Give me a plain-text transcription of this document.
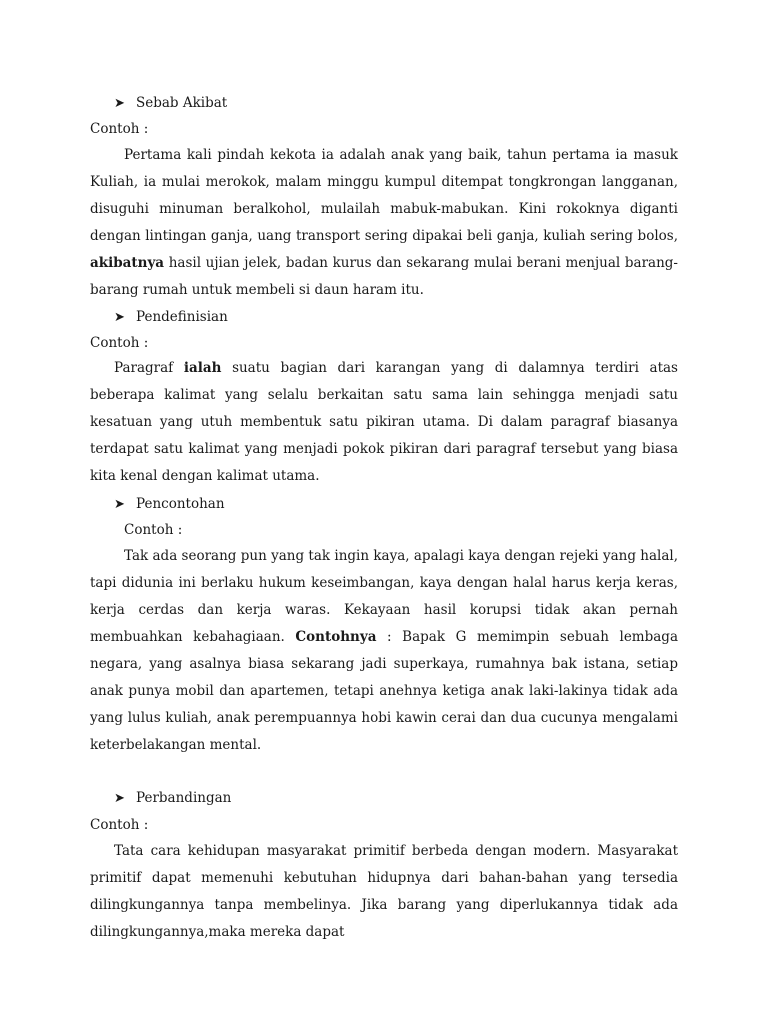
➤ Sebab Akibat
Contoh :

Pertama kali pindah kekota ia adalah anak yang baik, tahun pertama ia masuk Kuliah, ia mulai merokok, malam minggu kumpul ditempat tongkrongan langganan, disuguhi minuman beralkohol, mulailah mabuk-mabukan. Kini rokoknya diganti dengan lintingan ganja, uang transport sering dipakai beli ganja, kuliah sering bolos, akibatnya hasil ujian jelek, badan kurus dan sekarang mulai berani menjual barang-barang rumah untuk membeli si daun haram itu.

➤ Pendefinisian
Contoh :

Paragraf ialah suatu bagian dari karangan yang di dalamnya terdiri atas beberapa kalimat yang selalu berkaitan satu sama lain sehingga menjadi satu kesatuan yang utuh membentuk satu pikiran utama. Di dalam paragraf biasanya terdapat satu kalimat yang menjadi pokok pikiran dari paragraf tersebut yang biasa kita kenal dengan kalimat utama.

➤ Pencontohan
Contoh :

Tak ada seorang pun yang tak ingin kaya, apalagi kaya dengan rejeki yang halal, tapi didunia ini berlaku hukum keseimbangan, kaya dengan halal harus kerja keras, kerja cerdas dan kerja waras. Kekayaan hasil korupsi tidak akan pernah membuahkan kebahagiaan. Contohnya : Bapak G memimpin sebuah lembaga negara, yang asalnya biasa sekarang jadi superkaya, rumahnya bak istana, setiap anak punya mobil dan apartemen, tetapi anehnya ketiga anak laki-lakinya tidak ada yang lulus kuliah, anak perempuannya hobi kawin cerai dan dua cucunya mengalami keterbelakangan mental.

➤ Perbandingan
Contoh :

Tata cara kehidupan masyarakat primitif berbeda dengan modern. Masyarakat primitif dapat memenuhi kebutuhan hidupnya dari bahan-bahan yang tersedia dilingkungannya tanpa membelinya. Jika barang yang diperlukannya tidak ada dilingkungannya,maka mereka dapat
